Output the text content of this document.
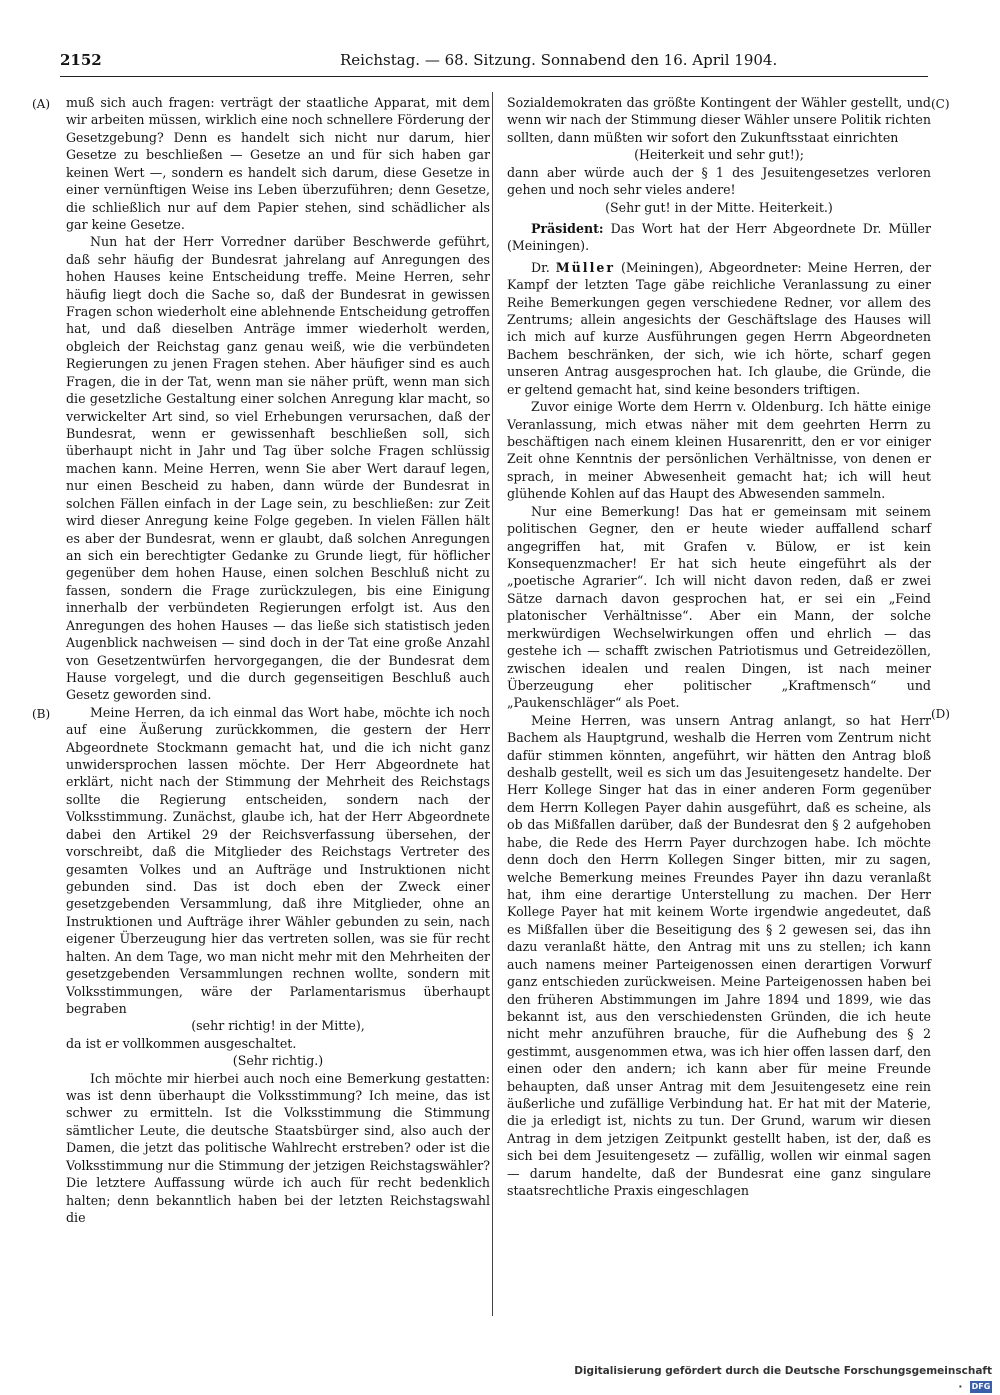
2152	Reichstag. — 68. Sitzung. Sonnabend den 16. April 1904.
(A)
(B)
(C)
(D)

muß sich auch fragen: verträgt der staatliche Apparat, mit dem wir arbeiten müssen, wirklich eine noch schnellere Förderung der Gesetzgebung? Denn es handelt sich nicht nur darum, hier Gesetze zu beschließen — Gesetze an und für sich haben gar keinen Wert —, sondern es handelt sich darum, diese Gesetze in einer vernünftigen Weise ins Leben überzuführen; denn Gesetze, die schließlich nur auf dem Papier stehen, sind schädlicher als gar keine Gesetze.

Nun hat der Herr Vorredner darüber Beschwerde geführt, daß sehr häufig der Bundesrat jahrelang auf Anregungen des hohen Hauses keine Entscheidung treffe. Meine Herren, sehr häufig liegt doch die Sache so, daß der Bundesrat in gewissen Fragen schon wiederholt eine ablehnende Entscheidung getroffen hat, und daß dieselben Anträge immer wiederholt werden, obgleich der Reichstag ganz genau weiß, wie die verbündeten Regierungen zu jenen Fragen stehen. Aber häufiger sind es auch Fragen, die in der Tat, wenn man sie näher prüft, wenn man sich die gesetzliche Gestaltung einer solchen Anregung klar macht, so verwickelter Art sind, so viel Erhebungen verursachen, daß der Bundesrat, wenn er gewissenhaft beschließen soll, sich überhaupt nicht in Jahr und Tag über solche Fragen schlüssig machen kann. Meine Herren, wenn Sie aber Wert darauf legen, nur einen Bescheid zu haben, dann würde der Bundesrat in solchen Fällen einfach in der Lage sein, zu beschließen: zur Zeit wird dieser Anregung keine Folge gegeben. In vielen Fällen hält es aber der Bundesrat, wenn er glaubt, daß solchen Anregungen an sich ein berechtigter Gedanke zu Grunde liegt, für höflicher gegenüber dem hohen Hause, einen solchen Beschluß nicht zu fassen, sondern die Frage zurückzulegen, bis eine Einigung innerhalb der verbündeten Regierungen erfolgt ist. Aus den Anregungen des hohen Hauses — das ließe sich statistisch jeden Augenblick nachweisen — sind doch in der Tat eine große Anzahl von Gesetzentwürfen hervorgegangen, die der Bundesrat dem Hause vorgelegt, und die durch gegenseitigen Beschluß auch Gesetz geworden sind.

Meine Herren, da ich einmal das Wort habe, möchte ich noch auf eine Äußerung zurückkommen, die gestern der Herr Abgeordnete Stockmann gemacht hat, und die ich nicht ganz unwidersprochen lassen möchte. Der Herr Abgeordnete hat erklärt, nicht nach der Stimmung der Mehrheit des Reichstags sollte die Regierung entscheiden, sondern nach der Volksstimmung. Zunächst, glaube ich, hat der Herr Abgeordnete dabei den Artikel 29 der Reichsverfassung übersehen, der vorschreibt, daß die Mitglieder des Reichstags Vertreter des gesamten Volkes und an Aufträge und Instruktionen nicht gebunden sind. Das ist doch eben der Zweck einer gesetzgebenden Versammlung, daß ihre Mitglieder, ohne an Instruktionen und Aufträge ihrer Wähler gebunden zu sein, nach eigener Überzeugung hier das vertreten sollen, was sie für recht halten. An dem Tage, wo man nicht mehr mit den Mehrheiten der gesetzgebenden Versammlungen rechnen wollte, sondern mit Volksstimmungen, wäre der Parlamentarismus überhaupt begraben

(sehr richtig! in der Mitte),

da ist er vollkommen ausgeschaltet.

(Sehr richtig.)

Ich möchte mir hierbei auch noch eine Bemerkung gestatten: was ist denn überhaupt die Volksstimmung? Ich meine, das ist schwer zu ermitteln. Ist die Volksstimmung die Stimmung sämtlicher Leute, die deutsche Staatsbürger sind, also auch der Damen, die jetzt das politische Wahlrecht erstreben? oder ist die Volksstimmung nur die Stimmung der jetzigen Reichstagswähler? Die letztere Auffassung würde ich auch für recht bedenklich halten; denn bekanntlich haben bei der letzten Reichstagswahl die

Sozialdemokraten das größte Kontingent der Wähler gestellt, und wenn wir nach der Stimmung dieser Wähler unsere Politik richten sollten, dann müßten wir sofort den Zukunftsstaat einrichten

(Heiterkeit und sehr gut!);

dann aber würde auch der § 1 des Jesuitengesetzes verloren gehen und noch sehr vieles andere!

(Sehr gut! in der Mitte. Heiterkeit.)

Präsident: Das Wort hat der Herr Abgeordnete Dr. Müller (Meiningen).

Dr. Müller (Meiningen), Abgeordneter: Meine Herren, der Kampf der letzten Tage gäbe reichliche Veranlassung zu einer Reihe Bemerkungen gegen verschiedene Redner, vor allem des Zentrums; allein angesichts der Geschäftslage des Hauses will ich mich auf kurze Ausführungen gegen Herrn Abgeordneten Bachem beschränken, der sich, wie ich hörte, scharf gegen unseren Antrag ausgesprochen hat. Ich glaube, die Gründe, die er geltend gemacht hat, sind keine besonders triftigen.

Zuvor einige Worte dem Herrn v. Oldenburg. Ich hätte einige Veranlassung, mich etwas näher mit dem geehrten Herrn zu beschäftigen nach einem kleinen Husarenritt, den er vor einiger Zeit ohne Kenntnis der persönlichen Verhältnisse, von denen er sprach, in meiner Abwesenheit gemacht hat; ich will heut glühende Kohlen auf das Haupt des Abwesenden sammeln.

Nur eine Bemerkung! Das hat er gemeinsam mit seinem politischen Gegner, den er heute wieder auffallend scharf angegriffen hat, mit Grafen v. Bülow, er ist kein Konsequenzmacher! Er hat sich heute eingeführt als der „poetische Agrarier“. Ich will nicht davon reden, daß er zwei Sätze darnach davon gesprochen hat, er sei ein „Feind platonischer Verhältnisse“. Aber ein Mann, der solche merkwürdigen Wechselwirkungen offen und ehrlich — das gestehe ich — schafft zwischen Patriotismus und Getreidezöllen, zwischen idealen und realen Dingen, ist nach meiner Überzeugung eher politischer „Kraftmensch“ und „Paukenschläger“ als Poet.

Meine Herren, was unsern Antrag anlangt, so hat Herr Bachem als Hauptgrund, weshalb die Herren vom Zentrum nicht dafür stimmen könnten, angeführt, wir hätten den Antrag bloß deshalb gestellt, weil es sich um das Jesuitengesetz handelte. Der Herr Kollege Singer hat das in einer anderen Form gegenüber dem Herrn Kollegen Payer dahin ausgeführt, daß es scheine, als ob das Mißfallen darüber, daß der Bundesrat den § 2 aufgehoben habe, die Rede des Herrn Payer durchzogen habe. Ich möchte denn doch den Herrn Kollegen Singer bitten, mir zu sagen, welche Bemerkung meines Freundes Payer ihn dazu veranlaßt hat, ihm eine derartige Unterstellung zu machen. Der Herr Kollege Payer hat mit keinem Worte irgendwie angedeutet, daß es Mißfallen über die Beseitigung des § 2 gewesen sei, das ihn dazu veranlaßt hätte, den Antrag mit uns zu stellen; ich kann auch namens meiner Parteigenossen einen derartigen Vorwurf ganz entschieden zurückweisen. Meine Parteigenossen haben bei den früheren Abstimmungen im Jahre 1894 und 1899, wie das bekannt ist, aus den verschiedensten Gründen, die ich heute nicht mehr anzuführen brauche, für die Aufhebung des § 2 gestimmt, ausgenommen etwa, was ich hier offen lassen darf, den einen oder den andern; ich kann aber für meine Freunde behaupten, daß unser Antrag mit dem Jesuitengesetz eine rein äußerliche und zufällige Verbindung hat. Er hat mit der Materie, die ja erledigt ist, nichts zu tun. Der Grund, warum wir diesen Antrag in dem jetzigen Zeitpunkt gestellt haben, ist der, daß es sich bei dem Jesuitengesetz — zufällig, wollen wir einmal sagen — darum handelte, daß der Bundesrat eine ganz singulare staatsrechtliche Praxis eingeschlagen

Digitalisierung gefördert durch die Deutsche Forschungsgemeinschaft · DFG
